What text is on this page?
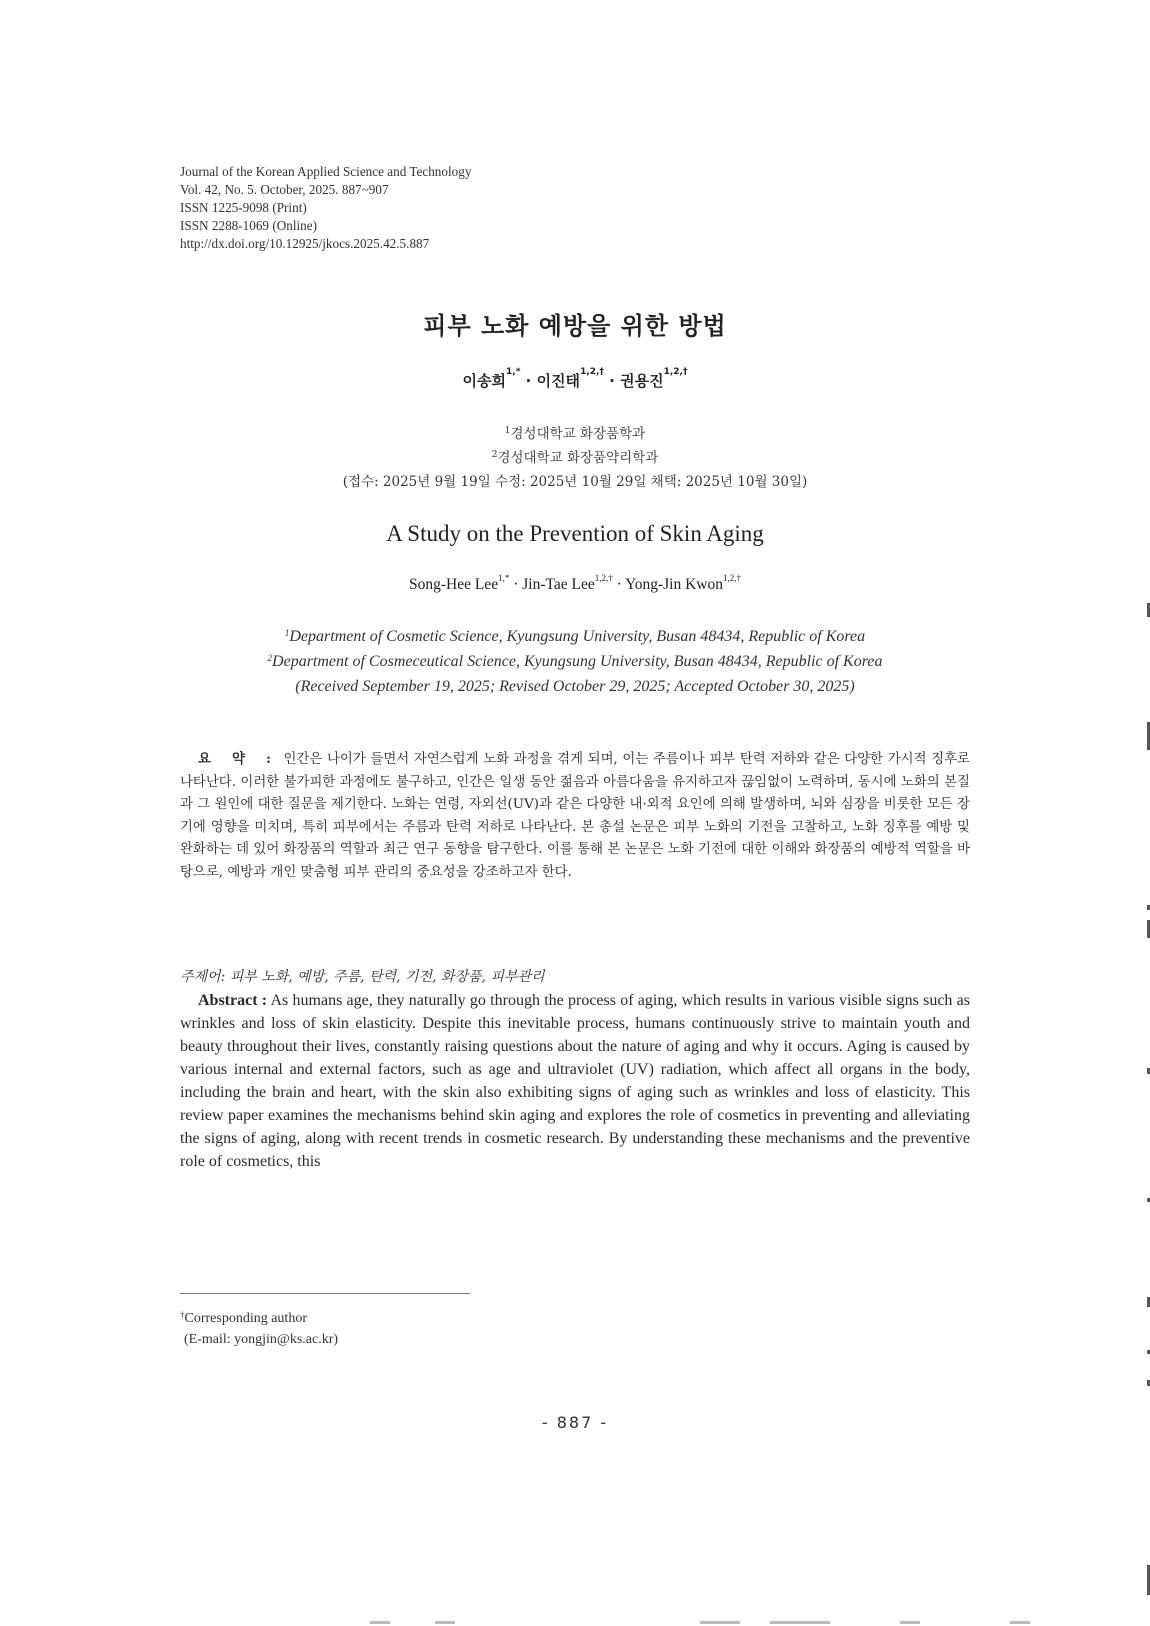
Journal of the Korean Applied Science and Technology
Vol. 42, No. 5. October, 2025. 887~907
ISSN 1225-9098 (Print)
ISSN 2288-1069 (Online)
http://dx.doi.org/10.12925/jkocs.2025.42.5.887
피부 노화 예방을 위한 방법
이송희$^{1,*}$ · 이진태$^{1,2,\dagger}$ · 권용진$^{1,2,\dagger}$
$^1$경성대학교 화장품학과
$^2$경성대학교 화장품약리학과
(접수: 2025년 9월 19일 수정: 2025년 10월 29일 채택: 2025년 10월 30일)
A Study on the Prevention of Skin Aging
Song-Hee Lee$^{1,*}$ · Jin-Tae Lee$^{1,2,\dagger}$ · Yong-Jin Kwon$^{1,2,\dagger}$
$^1$Department of Cosmetic Science, Kyungsung University, Busan 48434, Republic of Korea
$^2$Department of Cosmeceutical Science, Kyungsung University, Busan 48434, Republic of Korea
(Received September 19, 2025; Revised October 29, 2025; Accepted October 30, 2025)
요 약 : 인간은 나이가 들면서 자연스럽게 노화 과정을 겪게 되며, 이는 주름이나 피부 탄력 저하와 같은 다양한 가시적 징후로 나타난다. 이러한 불가피한 과정에도 불구하고, 인간은 일생 동안 젊음과 아름다움을 유지하고자 끊임없이 노력하며, 동시에 노화의 본질과 그 원인에 대한 질문을 제기한다. 노화는 연령, 자외선(UV)과 같은 다양한 내·외적 요인에 의해 발생하며, 뇌와 심장을 비롯한 모든 장기에 영향을 미치며, 특히 피부에서는 주름과 탄력 저하로 나타난다. 본 총설 논문은 피부 노화의 기전을 고찰하고, 노화 징후를 예방 및 완화하는 데 있어 화장품의 역할과 최근 연구 동향을 탐구한다. 이를 통해 본 논문은 노화 기전에 대한 이해와 화장품의 예방적 역할을 바탕으로, 예방과 개인 맞춤형 피부 관리의 중요성을 강조하고자 한다.
주제어: 피부 노화, 예방, 주름, 탄력, 기전, 화장품, 피부관리
Abstract : As humans age, they naturally go through the process of aging, which results in various visible signs such as wrinkles and loss of skin elasticity. Despite this inevitable process, humans continuously strive to maintain youth and beauty throughout their lives, constantly raising questions about the nature of aging and why it occurs. Aging is caused by various internal and external factors, such as age and ultraviolet (UV) radiation, which affect all organs in the body, including the brain and heart, with the skin also exhibiting signs of aging such as wrinkles and loss of elasticity. This review paper examines the mechanisms behind skin aging and explores the role of cosmetics in preventing and alleviating the signs of aging, along with recent trends in cosmetic research. By understanding these mechanisms and the preventive role of cosmetics, this
†Corresponding author
(E-mail: yongjin@ks.ac.kr)
- 887 -
